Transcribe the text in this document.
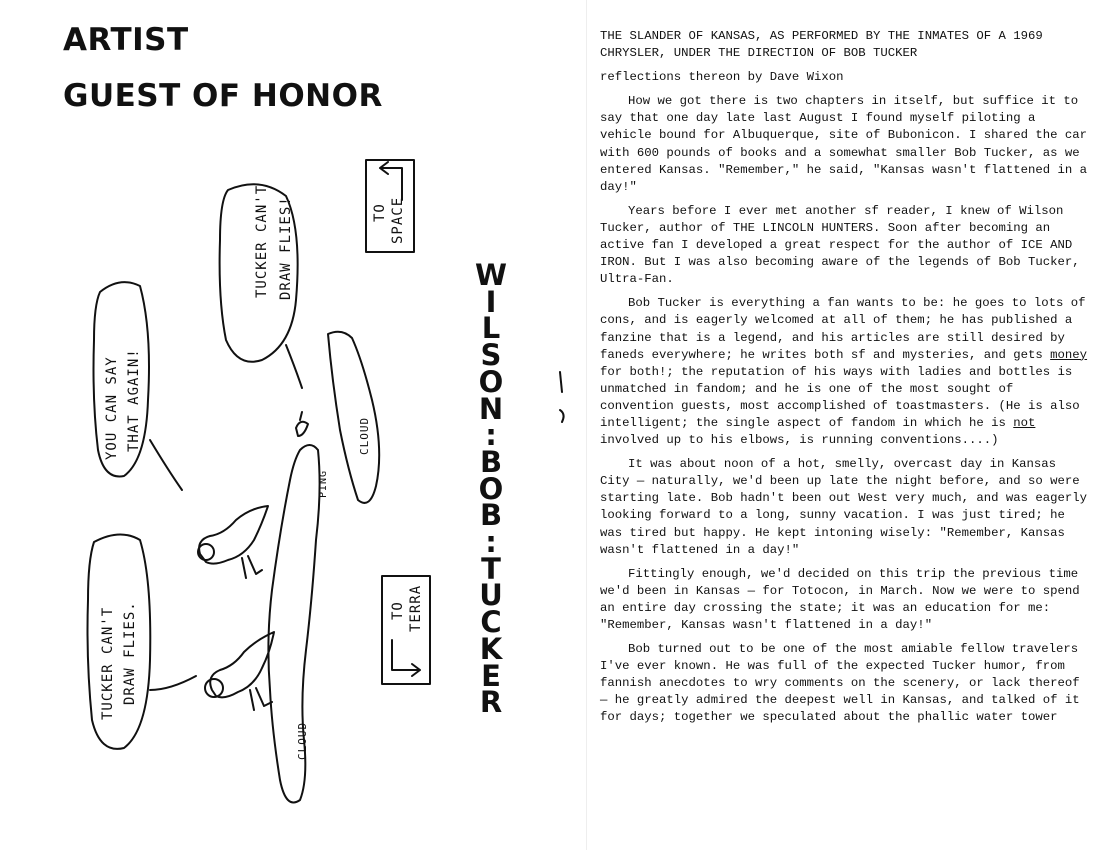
ARTIST
GUEST OF HONOR
TUCKER CAN'T DRAW FLIES!
YOU CAN SAY THAT AGAIN!
TUCKER CAN'T DRAW FLIES.
TO SPACE
TO TERRA
CLOUD
CLOUD
PING
W
I
L
S
O
N
:
B
O
B
:
T
U
C
K
E
R

THE SLANDER OF KANSAS, AS PERFORMED BY THE INMATES OF A 1969 CHRYSLER, UNDER THE DIRECTION OF BOB TUCKER

reflections thereon by Dave Wixon

How we got there is two chapters in itself, but suffice it to say that one day late last August I found myself piloting a vehicle bound for Albuquerque, site of Bubonicon. I shared the car with 600 pounds of books and a somewhat smaller Bob Tucker, as we entered Kansas. "Remember," he said, "Kansas wasn't flattened in a day!"

Years before I ever met another sf reader, I knew of Wilson Tucker, author of THE LINCOLN HUNTERS. Soon after becoming an active fan I developed a great respect for the author of ICE AND IRON. But I was also becoming aware of the legends of Bob Tucker, Ultra-Fan.

Bob Tucker is everything a fan wants to be: he goes to lots of cons, and is eagerly welcomed at all of them; he has published a fanzine that is a legend, and his articles are still desired by faneds everywhere; he writes both sf and mysteries, and gets money for both!; the reputation of his ways with ladies and bottles is unmatched in fandom; and he is one of the most sought of convention guests, most accomplished of toastmasters. (He is also intelligent; the single aspect of fandom in which he is not involved up to his elbows, is running conventions....)

It was about noon of a hot, smelly, overcast day in Kansas City — naturally, we'd been up late the night before, and so were starting late. Bob hadn't been out West very much, and was eagerly looking forward to a long, sunny vacation. I was just tired; he was tired but happy. He kept intoning wisely: "Remember, Kansas wasn't flattened in a day!"

Fittingly enough, we'd decided on this trip the previous time we'd been in Kansas — for Totocon, in March. Now we were to spend an entire day crossing the state; it was an education for me: "Remember, Kansas wasn't flattened in a day!"

Bob turned out to be one of the most amiable fellow travelers I've ever known. He was full of the expected Tucker humor, from fannish anecdotes to wry comments on the scenery, or lack thereof — he greatly admired the deepest well in Kansas, and talked of it for days; together we speculated about the phallic water tower
